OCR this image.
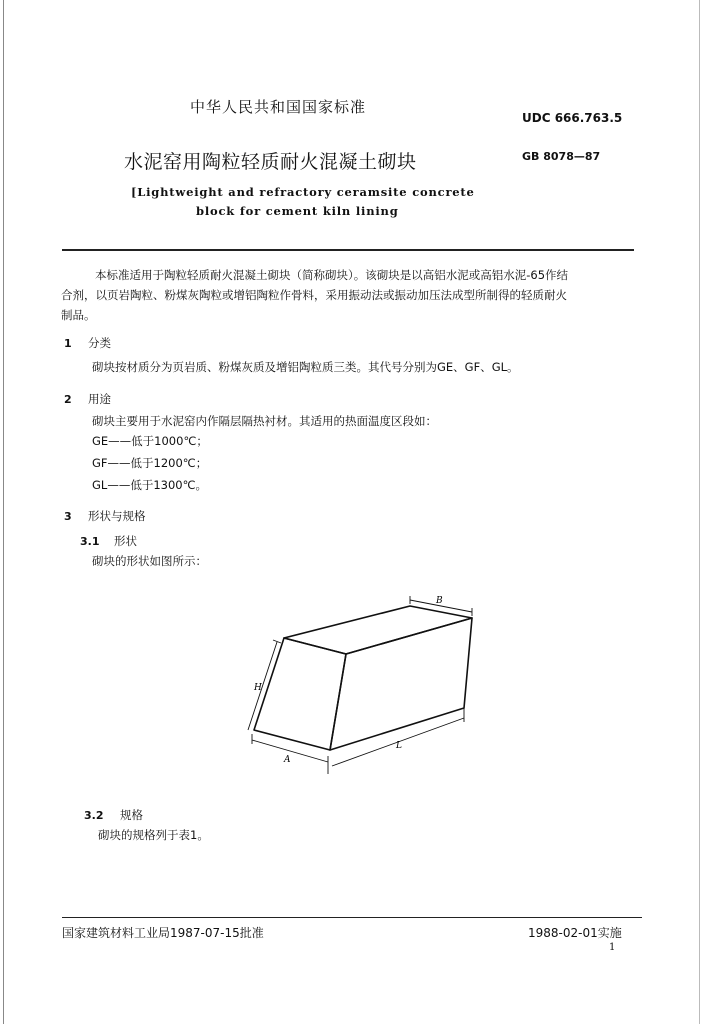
中华人民共和国国家标准
UDC 666.763.5
水泥窑用陶粒轻质耐火混凝土砌块	GB 8078—87
[Lightweight and refractory ceramsite concrete
block for cement kiln lining
本标准适用于陶粒轻质耐火混凝土砌块（简称砌块）。该砌块是以高铝水泥或高铝水泥-65作结
合剂，以页岩陶粒、粉煤灰陶粒或增铝陶粒作骨料，采用振动法或振动加压法成型所制得的轻质耐火
制品。
1 分类
砌块按材质分为页岩质、粉煤灰质及增铝陶粒质三类。其代号分别为GE、GF、GL。
2 用途
砌块主要用于水泥窑内作隔层隔热衬材。其适用的热面温度区段如：
GE——低于1000℃；
GF——低于1200℃；
GL——低于1300℃。
3 形状与规格
3.1 形状
砌块的形状如图所示：
B
H
A
L
3.2 规格
砌块的规格列于表1。
国家建筑材料工业局1987-07-15批准	1988-02-01实施
1
